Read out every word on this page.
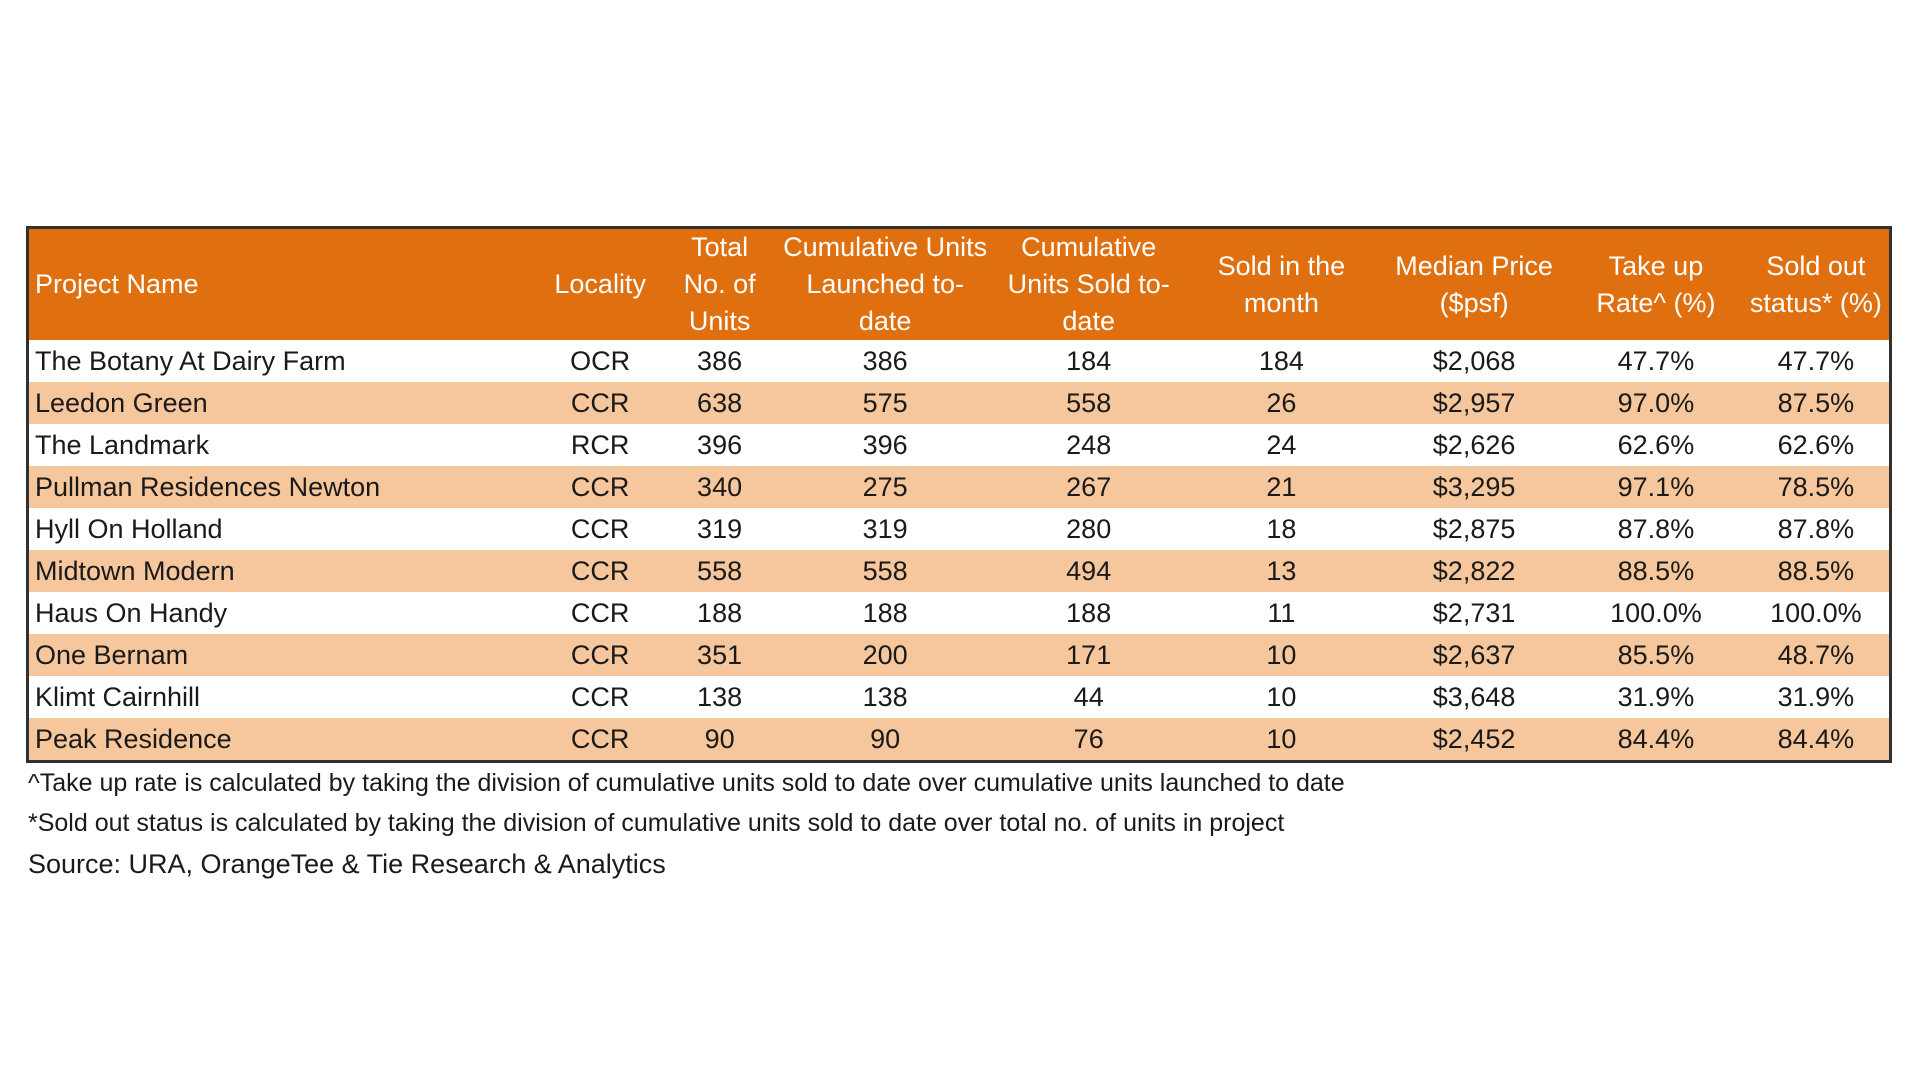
Project Name	Locality	Total No. of Units	Cumulative Units Launched to-date	Cumulative Units Sold to-date	Sold in the month	Median Price ($psf)	Take up Rate^ (%)	Sold out status* (%)
The Botany At Dairy Farm	OCR	386	386	184	184	$2,068	47.7%	47.7%
Leedon Green	CCR	638	575	558	26	$2,957	97.0%	87.5%
The Landmark	RCR	396	396	248	24	$2,626	62.6%	62.6%
Pullman Residences Newton	CCR	340	275	267	21	$3,295	97.1%	78.5%
Hyll On Holland	CCR	319	319	280	18	$2,875	87.8%	87.8%
Midtown Modern	CCR	558	558	494	13	$2,822	88.5%	88.5%
Haus On Handy	CCR	188	188	188	11	$2,731	100.0%	100.0%
One Bernam	CCR	351	200	171	10	$2,637	85.5%	48.7%
Klimt Cairnhill	CCR	138	138	44	10	$3,648	31.9%	31.9%
Peak Residence	CCR	90	90	76	10	$2,452	84.4%	84.4%
^Take up rate is calculated by taking the division of cumulative units sold to date over cumulative units launched to date
*Sold out status is calculated by taking the division of cumulative units sold to date over total no. of units in project
Source: URA, OrangeTee & Tie Research & Analytics
